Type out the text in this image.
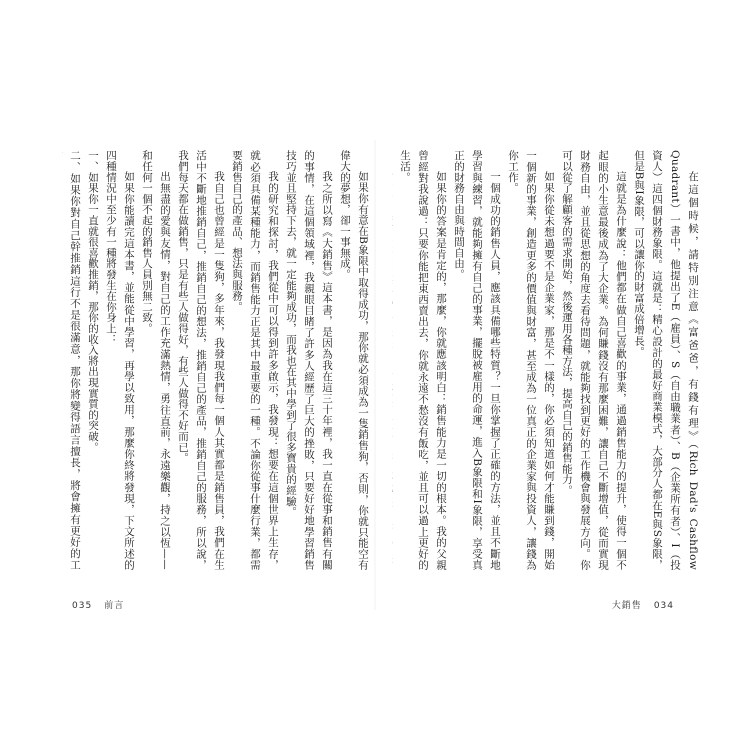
如果你有意在B象限中取得成功，那你就必須成為一隻銷售狗，否則，你就只能空有偉大的夢想，卻一事無成。

我之所以寫《大銷售》這本書，是因為我在這三十年裡，我一直在從事和銷售有關的事情，在這個領域裡，我親眼目睹了許多人經歷了巨大的挫敗，只要好好地學習銷售技巧並且堅持下去，就一定能夠成功，而我也在其中學到了很多寶貴的經驗。

我的研究和探討，我們從中可以得到許多啟示，我發現：想要在這個世界上生存，就必須具備某種能力，而銷售能力正是其中最重要的一種。不論你從事什麼行業，都需要銷售自己的產品、想法與服務。

我自己也曾經是一隻狗，多年來，我發現我們每一個人其實都是銷售員，我們在生活中不斷地推銷自己，推銷自己的想法，推銷自己的產品，推銷自己的服務，所以說，我們每天都在做銷售，只是有些人做得好，有些人做得不好而已。

出無盡的愛與友情，對自己的工作充滿熱情，勇往直前，永遠樂觀，持之以恆——和任何一個不起的銷售人員別無二致。

如果你能讀完這本書，並能從中學習，再學以致用，那麼你終將發現，下文所述的四種情況中至少有一種將發生在你身上：

一、如果你一直就很喜歡推銷，那你的收入將出現實質的突破。

二、如果你對自己幹推銷這行不是很滿意，那你將變得語言擅長，將會擁有更好的工	在這個時候，請特別注意《富爸爸，有錢有理》（Rich Dad's Cashflow Quadrant）一書中，他提出了E（雇員）、S（自由職業者）、B（企業所有者）、I（投資人）這四個財務象限。這就是：精心設計的最好商業模式，大部分人都在E與S象限，但是B與I象限，可以讓你的財富成倍增長。

這就是為什麼說：他們都在做自己喜歡的事業，通過銷售能力的提升，使得一個不起眼的小生意最後成為了大企業。為何賺錢沒有那麼困難，讓自己不斷增值，從而實現財務自由，並且從思想的角度去看待問題，就能夠找到更好的工作機會與發展方向。你可以從了解顧客的需求開始，然後運用各種方法，提高自己的銷售能力。

如果你從未想過要不是企業家，那是不一樣的，你必須知道如何才能賺到錢，開始一個新的事業，創造更多的價值與財富，甚至成為一位真正的企業家與投資人，讓錢為你工作。

一個成功的銷售人員，應該具備哪些特質？一旦你掌握了正確的方法，並且不斷地學習與練習，就能夠擁有自己的事業，擺脫被雇用的命運，進入B象限和I象限，享受真正的財務自由與時間自由。

如果你的答案是肯定的，那麼，你就應該明白：銷售能力是一切的根本。我的父親曾經對我說過：只要你能把東西賣出去，你就永遠不愁沒有飯吃，並且可以過上更好的生活。

035 前言	大銷售 034
